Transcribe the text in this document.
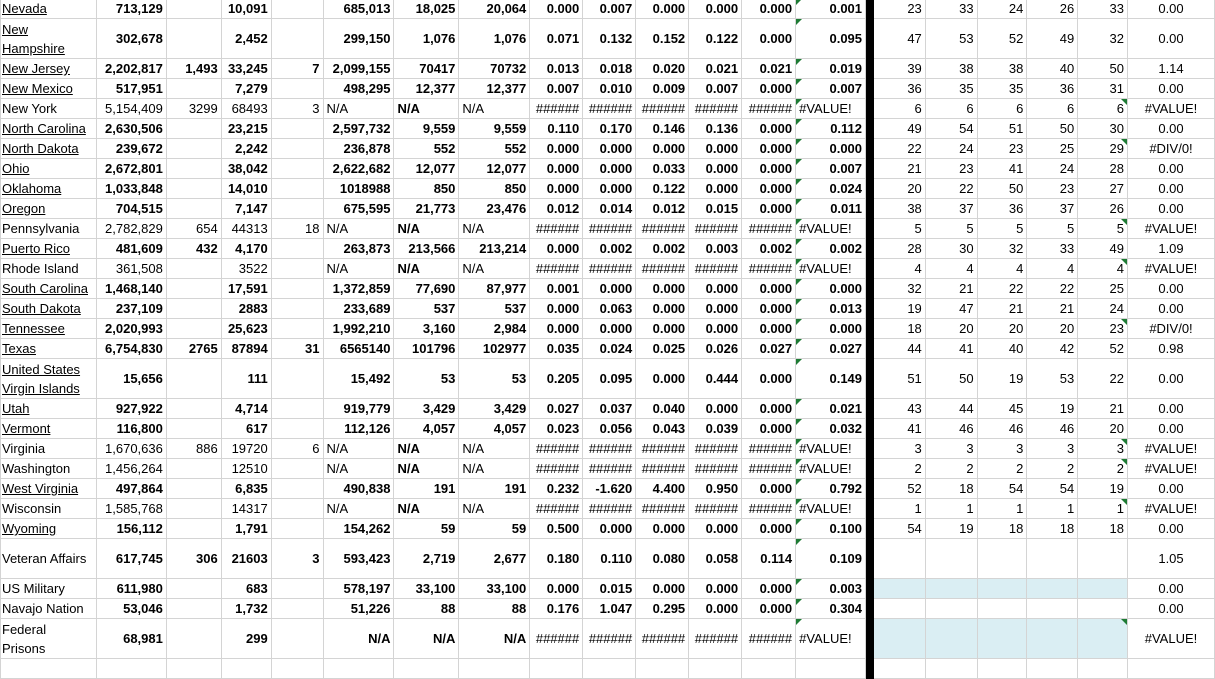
Nevada	713,129		10,091		685,013	18,025	20,064	0.000	0.007	0.000	0.000	0.000	0.001		23	33	24	26	33	0.00
New Hampshire	302,678		2,452		299,150	1,076	1,076	0.071	0.132	0.152	0.122	0.000	0.095		47	53	52	49	32	0.00
New Jersey	2,202,817	1,493	33,245	7	2,099,155	70417	70732	0.013	0.018	0.020	0.021	0.021	0.019		39	38	38	40	50	1.14
New Mexico	517,951		7,279		498,295	12,377	12,377	0.007	0.010	0.009	0.007	0.000	0.007		36	35	35	36	31	0.00
New York	5,154,409	3299	68493	3	N/A	N/A	N/A	######	######	######	######	######	#VALUE!		6	6	6	6	6	#VALUE!
North Carolina	2,630,506		23,215		2,597,732	9,559	9,559	0.110	0.170	0.146	0.136	0.000	0.112		49	54	51	50	30	0.00
North Dakota	239,672		2,242		236,878	552	552	0.000	0.000	0.000	0.000	0.000	0.000		22	24	23	25	29	#DIV/0!
Ohio	2,672,801		38,042		2,622,682	12,077	12,077	0.000	0.000	0.033	0.000	0.000	0.007		21	23	41	24	28	0.00
Oklahoma	1,033,848		14,010		1018988	850	850	0.000	0.000	0.122	0.000	0.000	0.024		20	22	50	23	27	0.00
Oregon	704,515		7,147		675,595	21,773	23,476	0.012	0.014	0.012	0.015	0.000	0.011		38	37	36	37	26	0.00
Pennsylvania	2,782,829	654	44313	18	N/A	N/A	N/A	######	######	######	######	######	#VALUE!		5	5	5	5	5	#VALUE!
Puerto Rico	481,609	432	4,170		263,873	213,566	213,214	0.000	0.002	0.002	0.003	0.002	0.002		28	30	32	33	49	1.09
Rhode Island	361,508		3522		N/A	N/A	N/A	######	######	######	######	######	#VALUE!		4	4	4	4	4	#VALUE!
South Carolina	1,468,140		17,591		1,372,859	77,690	87,977	0.001	0.000	0.000	0.000	0.000	0.000		32	21	22	22	25	0.00
South Dakota	237,109		2883		233,689	537	537	0.000	0.063	0.000	0.000	0.000	0.013		19	47	21	21	24	0.00
Tennessee	2,020,993		25,623		1,992,210	3,160	2,984	0.000	0.000	0.000	0.000	0.000	0.000		18	20	20	20	23	#DIV/0!
Texas	6,754,830	2765	87894	31	6565140	101796	102977	0.035	0.024	0.025	0.026	0.027	0.027		44	41	40	42	52	0.98
United States Virgin Islands	15,656		111		15,492	53	53	0.205	0.095	0.000	0.444	0.000	0.149		51	50	19	53	22	0.00
Utah	927,922		4,714		919,779	3,429	3,429	0.027	0.037	0.040	0.000	0.000	0.021		43	44	45	19	21	0.00
Vermont	116,800		617		112,126	4,057	4,057	0.023	0.056	0.043	0.039	0.000	0.032		41	46	46	46	20	0.00
Virginia	1,670,636	886	19720	6	N/A	N/A	N/A	######	######	######	######	######	#VALUE!		3	3	3	3	3	#VALUE!
Washington	1,456,264		12510		N/A	N/A	N/A	######	######	######	######	######	#VALUE!		2	2	2	2	2	#VALUE!
West Virginia	497,864		6,835		490,838	191	191	0.232	-1.620	4.400	0.950	0.000	0.792		52	18	54	54	19	0.00
Wisconsin	1,585,768		14317		N/A	N/A	N/A	######	######	######	######	######	#VALUE!		1	1	1	1	1	#VALUE!
Wyoming	156,112		1,791		154,262	59	59	0.500	0.000	0.000	0.000	0.000	0.100		54	19	18	18	18	0.00
Veteran Affairs	617,745	306	21603	3	593,423	2,719	2,677	0.180	0.110	0.080	0.058	0.114	0.109							1.05
US Military	611,980		683		578,197	33,100	33,100	0.000	0.015	0.000	0.000	0.000	0.003							0.00
Navajo Nation	53,046		1,732		51,226	88	88	0.176	1.047	0.295	0.000	0.000	0.304							0.00
Federal Prisons	68,981		299		N/A	N/A	N/A	######	######	######	######	######	#VALUE!							#VALUE!
